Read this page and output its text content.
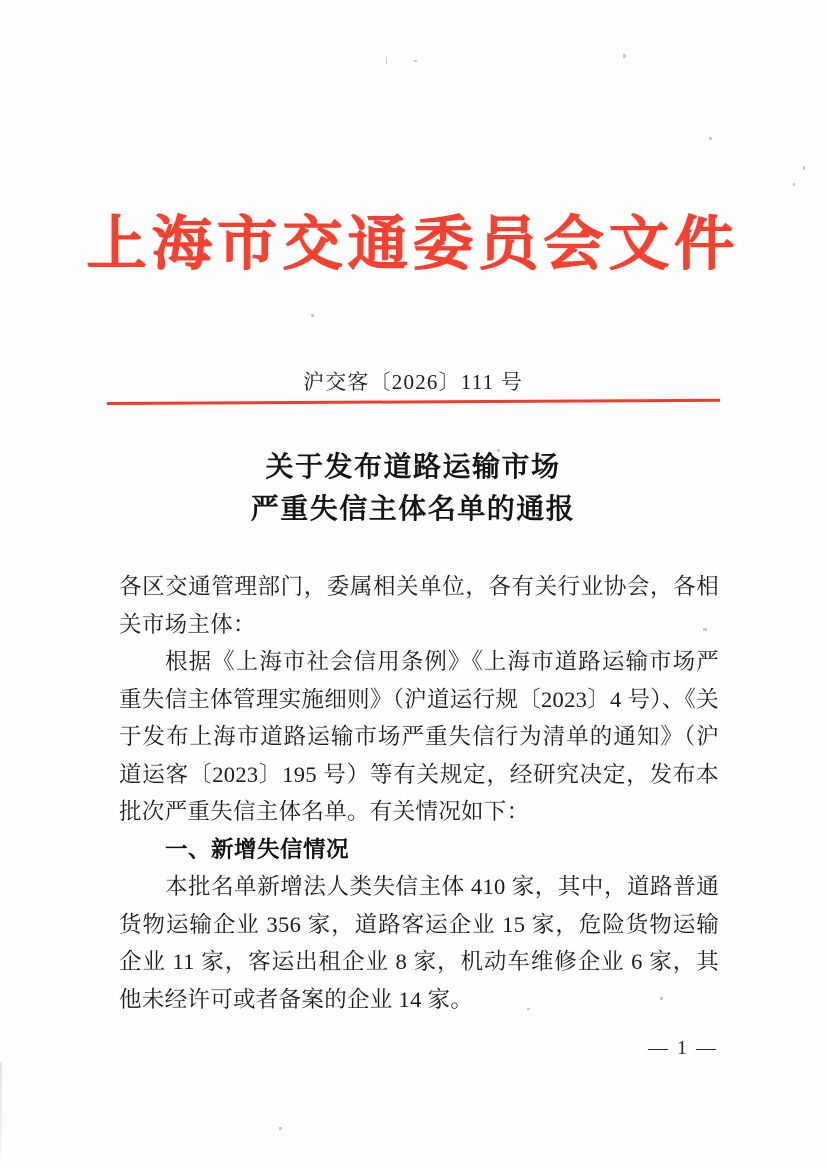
上海市交通委员会文件
沪交客〔2026〕111 号
关于发布道路运输市场
严重失信主体名单的通报

各区交通管理部门，委属相关单位，各有关行业协会，各相关市场主体：

根据《上海市社会信用条例》《上海市道路运输市场严重失信主体管理实施细则》（沪道运行规〔2023〕4 号）、《关于发布上海市道路运输市场严重失信行为清单的通知》（沪道运客〔2023〕195 号）等有关规定，经研究决定，发布本批次严重失信主体名单。有关情况如下：

一、新增失信情况

本批名单新增法人类失信主体 410 家，其中，道路普通货物运输企业 356 家，道路客运企业 15 家，危险货物运输企业 11 家，客运出租企业 8 家，机动车维修企业 6 家，其他未经许可或者备案的企业 14 家。

— 1 —
